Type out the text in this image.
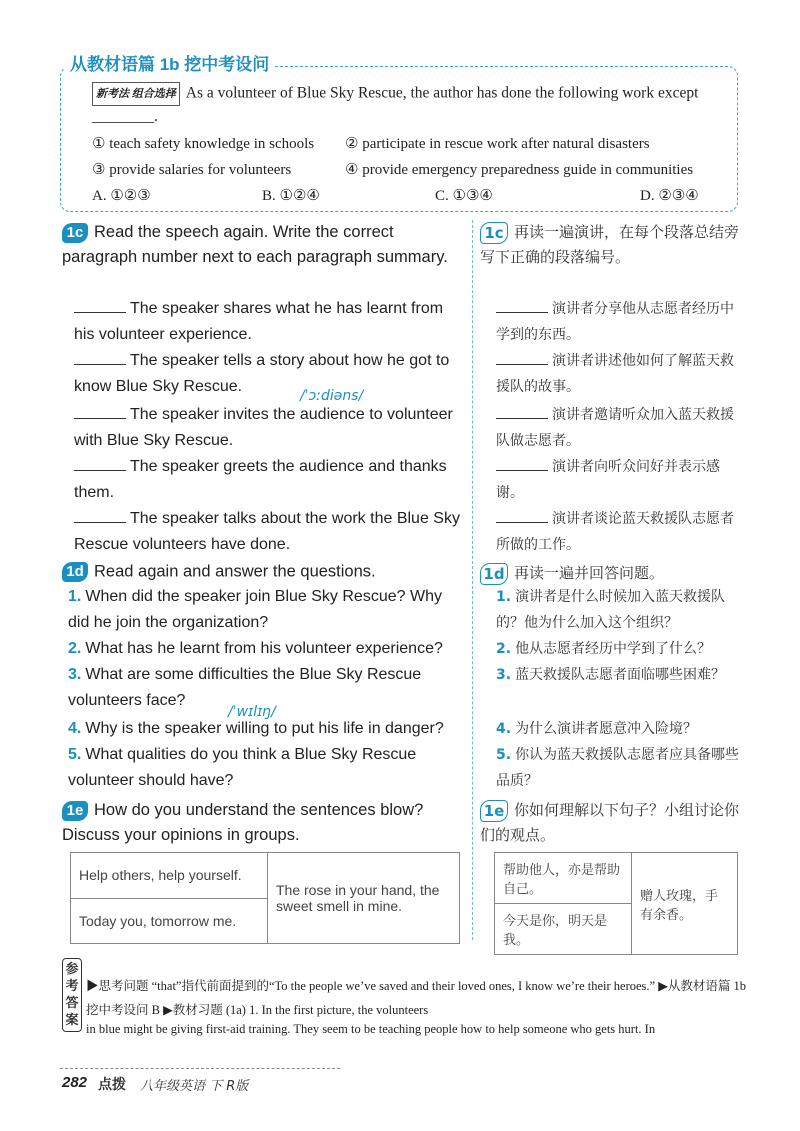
从教材语篇 1b 挖中考设问
新考法 组合选择 As a volunteer of Blue Sky Rescue, the author has done the following work except ________.
① teach safety knowledge in schools ② participate in rescue work after natural disasters
③ provide salaries for volunteers	④ provide emergency preparedness guide in communities
A. ①②③	B. ①②④	C. ①③④	D. ②③④
1c Read the speech again. Write the correct paragraph number next to each paragraph summary.
1c 再读一遍演讲，在每个段落总结旁写下正确的段落编号。
The speaker shares what he has learnt from his volunteer experience.
The speaker tells a story about how he got to know Blue Sky Rescue.
/ˈɔːdiəns/
The speaker invites the audience to volunteer with Blue Sky Rescue.
The speaker greets the audience and thanks them.
The speaker talks about the work the Blue Sky Rescue volunteers have done.
演讲者分享他从志愿者经历中学到的东西。
演讲者讲述他如何了解蓝天救援队的故事。
演讲者邀请听众加入蓝天救援队做志愿者。
演讲者向听众问好并表示感谢。
演讲者谈论蓝天救援队志愿者所做的工作。
1d Read again and answer the questions.	1d 再读一遍并回答问题。
1. When did the speaker join Blue Sky Rescue? Why did he join the organization?
2. What has he learnt from his volunteer experience?
3. What are some difficulties the Blue Sky Rescue volunteers face?
/ˈwɪlɪŋ/
4. Why is the speaker willing to put his life in danger?
5. What qualities do you think a Blue Sky Rescue volunteer should have?
1. 演讲者是什么时候加入蓝天救援队的？他为什么加入这个组织？
2. 他从志愿者经历中学到了什么？
3. 蓝天救援队志愿者面临哪些困难？
4. 为什么演讲者愿意冲入险境？
5. 你认为蓝天救援队志愿者应具备哪些品质？
1e How do you understand the sentences blow? Discuss your opinions in groups.
1e 你如何理解以下句子？小组讨论你们的观点。
Help others, help yourself.	The rose in your hand, the sweet smell in mine.
Today you, tomorrow me.
帮助他人，亦是帮助自己。	赠人玫瑰，手有余香。
今天是你，明天是我。
参考答案
▶思考问题 “that”指代前面提到的“To the people we’ve saved and their loved ones, I know we’re their heroes.” ▶从教材语篇 1b 挖中考设问 B ▶教材习题 (1a) 1. In the first picture, the volunteers
in blue might be giving first-aid training. They seem to be teaching people how to help someone who gets hurt. In
282 点拨 八年级英语 下 R版
